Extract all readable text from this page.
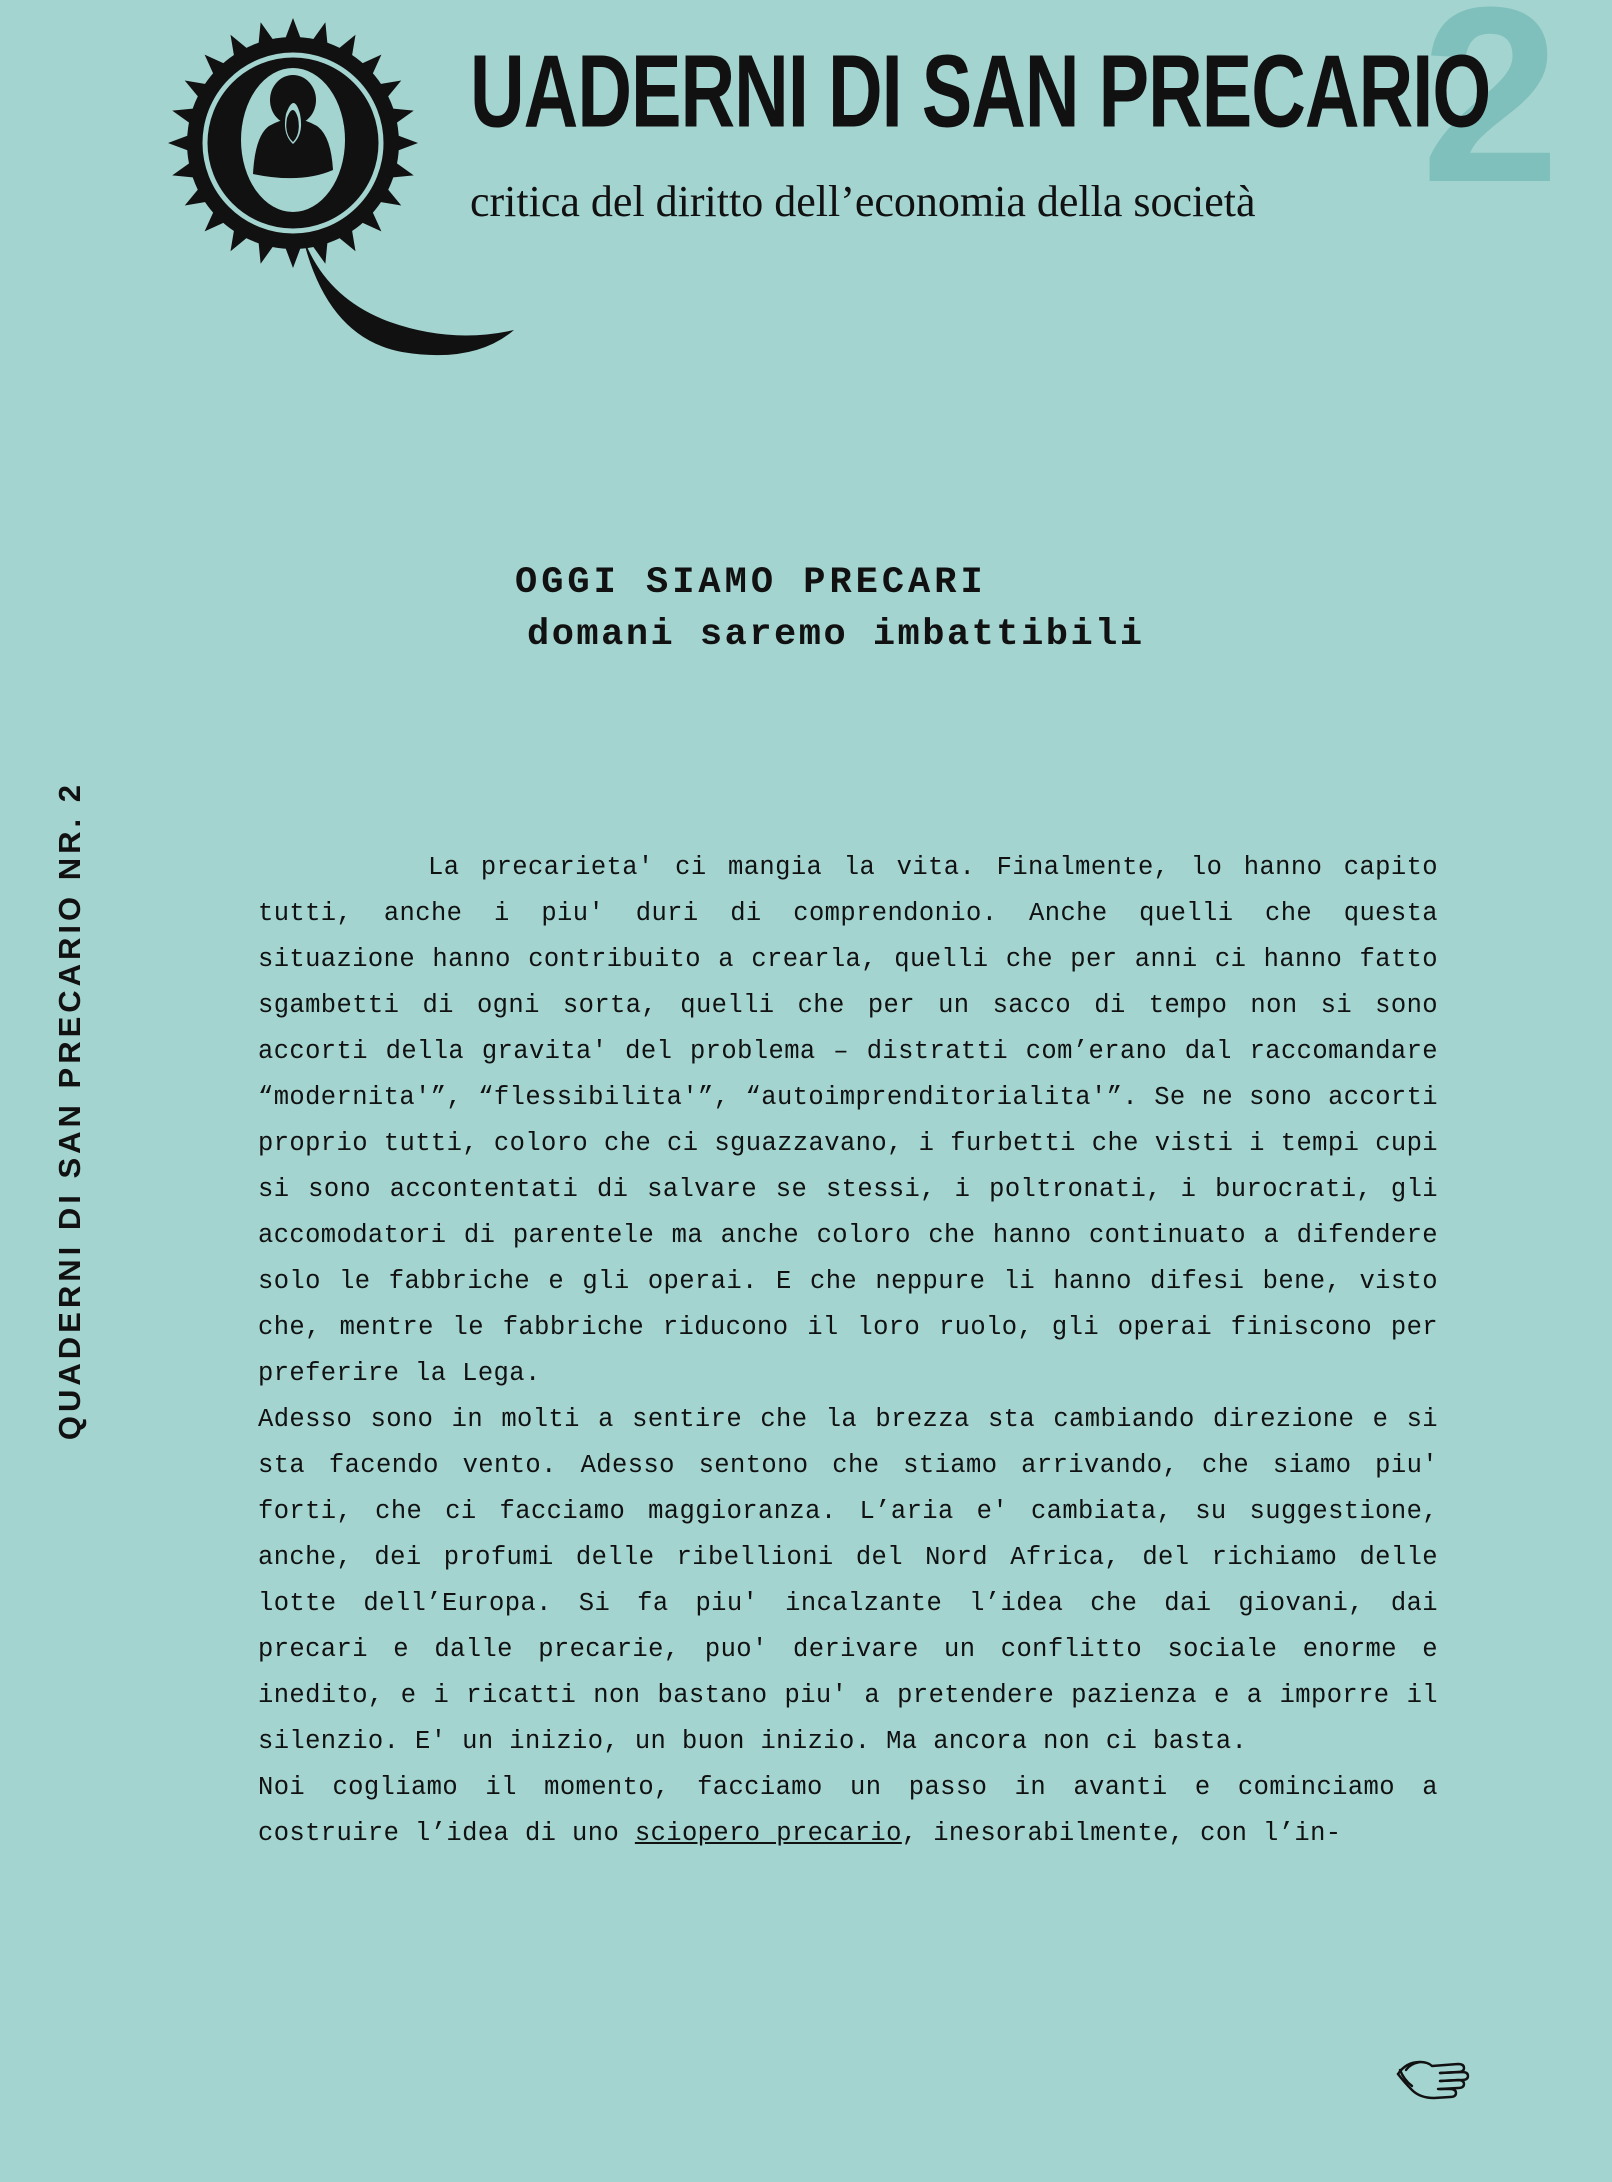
2
UADERNI DI SAN PRECARIO
critica del diritto dell’economia della società
QUADERNI DI SAN PRECARIO NR. 2
OGGI SIAMO PRECARI
domani saremo imbattibili

La precarieta' ci mangia la vita. Finalmente, lo hanno capito tutti, anche i piu' duri di comprendonio. Anche quelli che questa situazione hanno contribuito a crearla, quelli che per anni ci hanno fatto sgambetti di ogni sorta, quelli che per un sacco di tempo non si sono accorti della gravita' del problema – distratti com’erano dal raccomandare “modernita'”, “flessibilita'”, “autoimprenditorialita'”. Se ne sono accorti proprio tutti, coloro che ci sguazzavano, i furbetti che visti i tempi cupi si sono accontentati di salvare se stessi, i poltronati, i burocrati, gli accomodatori di parentele ma anche coloro che hanno continuato a difendere solo le fabbriche e gli operai. E che neppure li hanno difesi bene, visto che, mentre le fabbriche riducono il loro ruolo, gli operai finiscono per preferire la Lega.

Adesso sono in molti a sentire che la brezza sta cambiando direzione e si sta facendo vento. Adesso sentono che stiamo arrivando, che siamo piu' forti, che ci facciamo maggioranza. L’aria e' cambiata, su suggestione, anche, dei profumi delle ribellioni del Nord Africa, del richiamo delle lotte dell’Europa. Si fa piu' incalzante l’idea che dai giovani, dai precari e dalle precarie, puo' derivare un conflitto sociale enorme e inedito, e i ricatti non bastano piu' a pretendere pazienza e a imporre il silenzio. E' un inizio, un buon inizio. Ma ancora non ci basta.

Noi cogliamo il momento, facciamo un passo in avanti e cominciamo a costruire l’idea di uno sciopero precario, inesorabilmente, con l’in-
